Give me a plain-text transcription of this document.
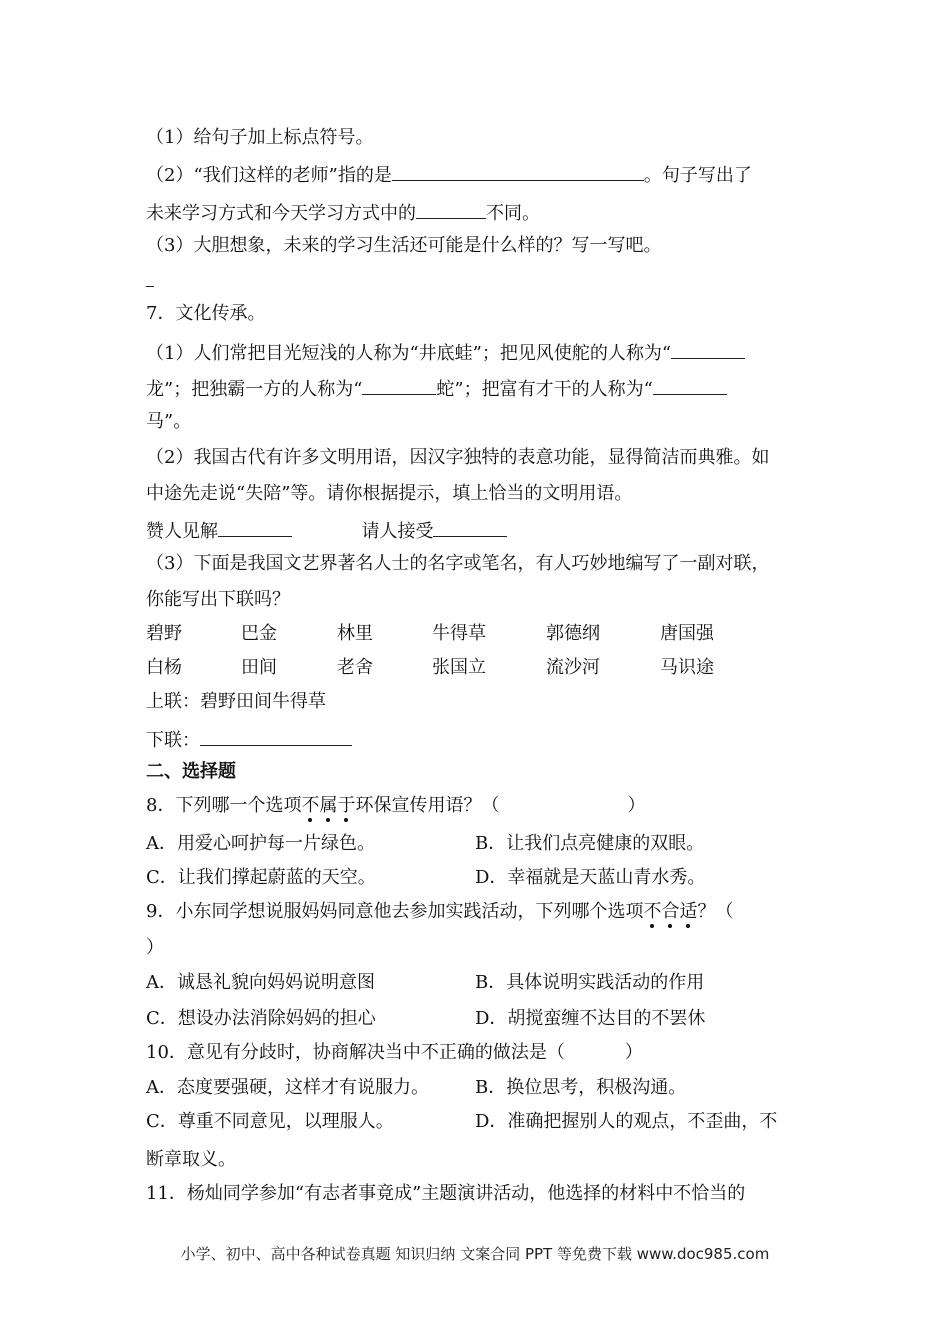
（1）给句子加上标点符号。
（2）“我们这样的老师”指的是	。句子写出了
未来学习方式和今天学习方式中的	不同。
（3）大胆想象，未来的学习生活还可能是什么样的？写一写吧。
7．文化传承。
（1）人们常把目光短浅的人称为“井底蛙”；把见风使舵的人称为“
龙”；把独霸一方的人称为“	蛇”；把富有才干的人称为“
马”。
（2）我国古代有许多文明用语，因汉字独特的表意功能，显得简洁而典雅。如
中途先走说“失陪”等。请你根据提示，填上恰当的文明用语。
赞人见解	请人接受
（3）下面是我国文艺界著名人士的名字或笔名，有人巧妙地编写了一副对联，
你能写出下联吗？
碧野	巴金	林里	牛得草	郭德纲	唐国强
白杨	田间	老舍	张国立	流沙河	马识途
上联：碧野田间牛得草
下联：
二、选择题
8．下列哪一个选项不属于环保宣传用语？（	）
A．用爱心呵护每一片绿色。	B．让我们点亮健康的双眼。
C．让我们撑起蔚蓝的天空。	D．幸福就是天蓝山青水秀。
9．小东同学想说服妈妈同意他去参加实践活动，下列哪个选项不合适？（
）
A．诚恳礼貌向妈妈说明意图	B．具体说明实践活动的作用
C．想设办法消除妈妈的担心	D．胡搅蛮缠不达目的不罢休
10．意见有分歧时，协商解决当中不正确的做法是（	）
A．态度要强硬，这样才有说服力。	B．换位思考，积极沟通。
C．尊重不同意见，以理服人。	D．准确把握别人的观点，不歪曲，不
断章取义。
11．杨灿同学参加“有志者事竟成”主题演讲活动，他选择的材料中不恰当的
小学、初中、高中各种试卷真题 知识归纳 文案合同 PPT 等免费下载 www.doc985.com
